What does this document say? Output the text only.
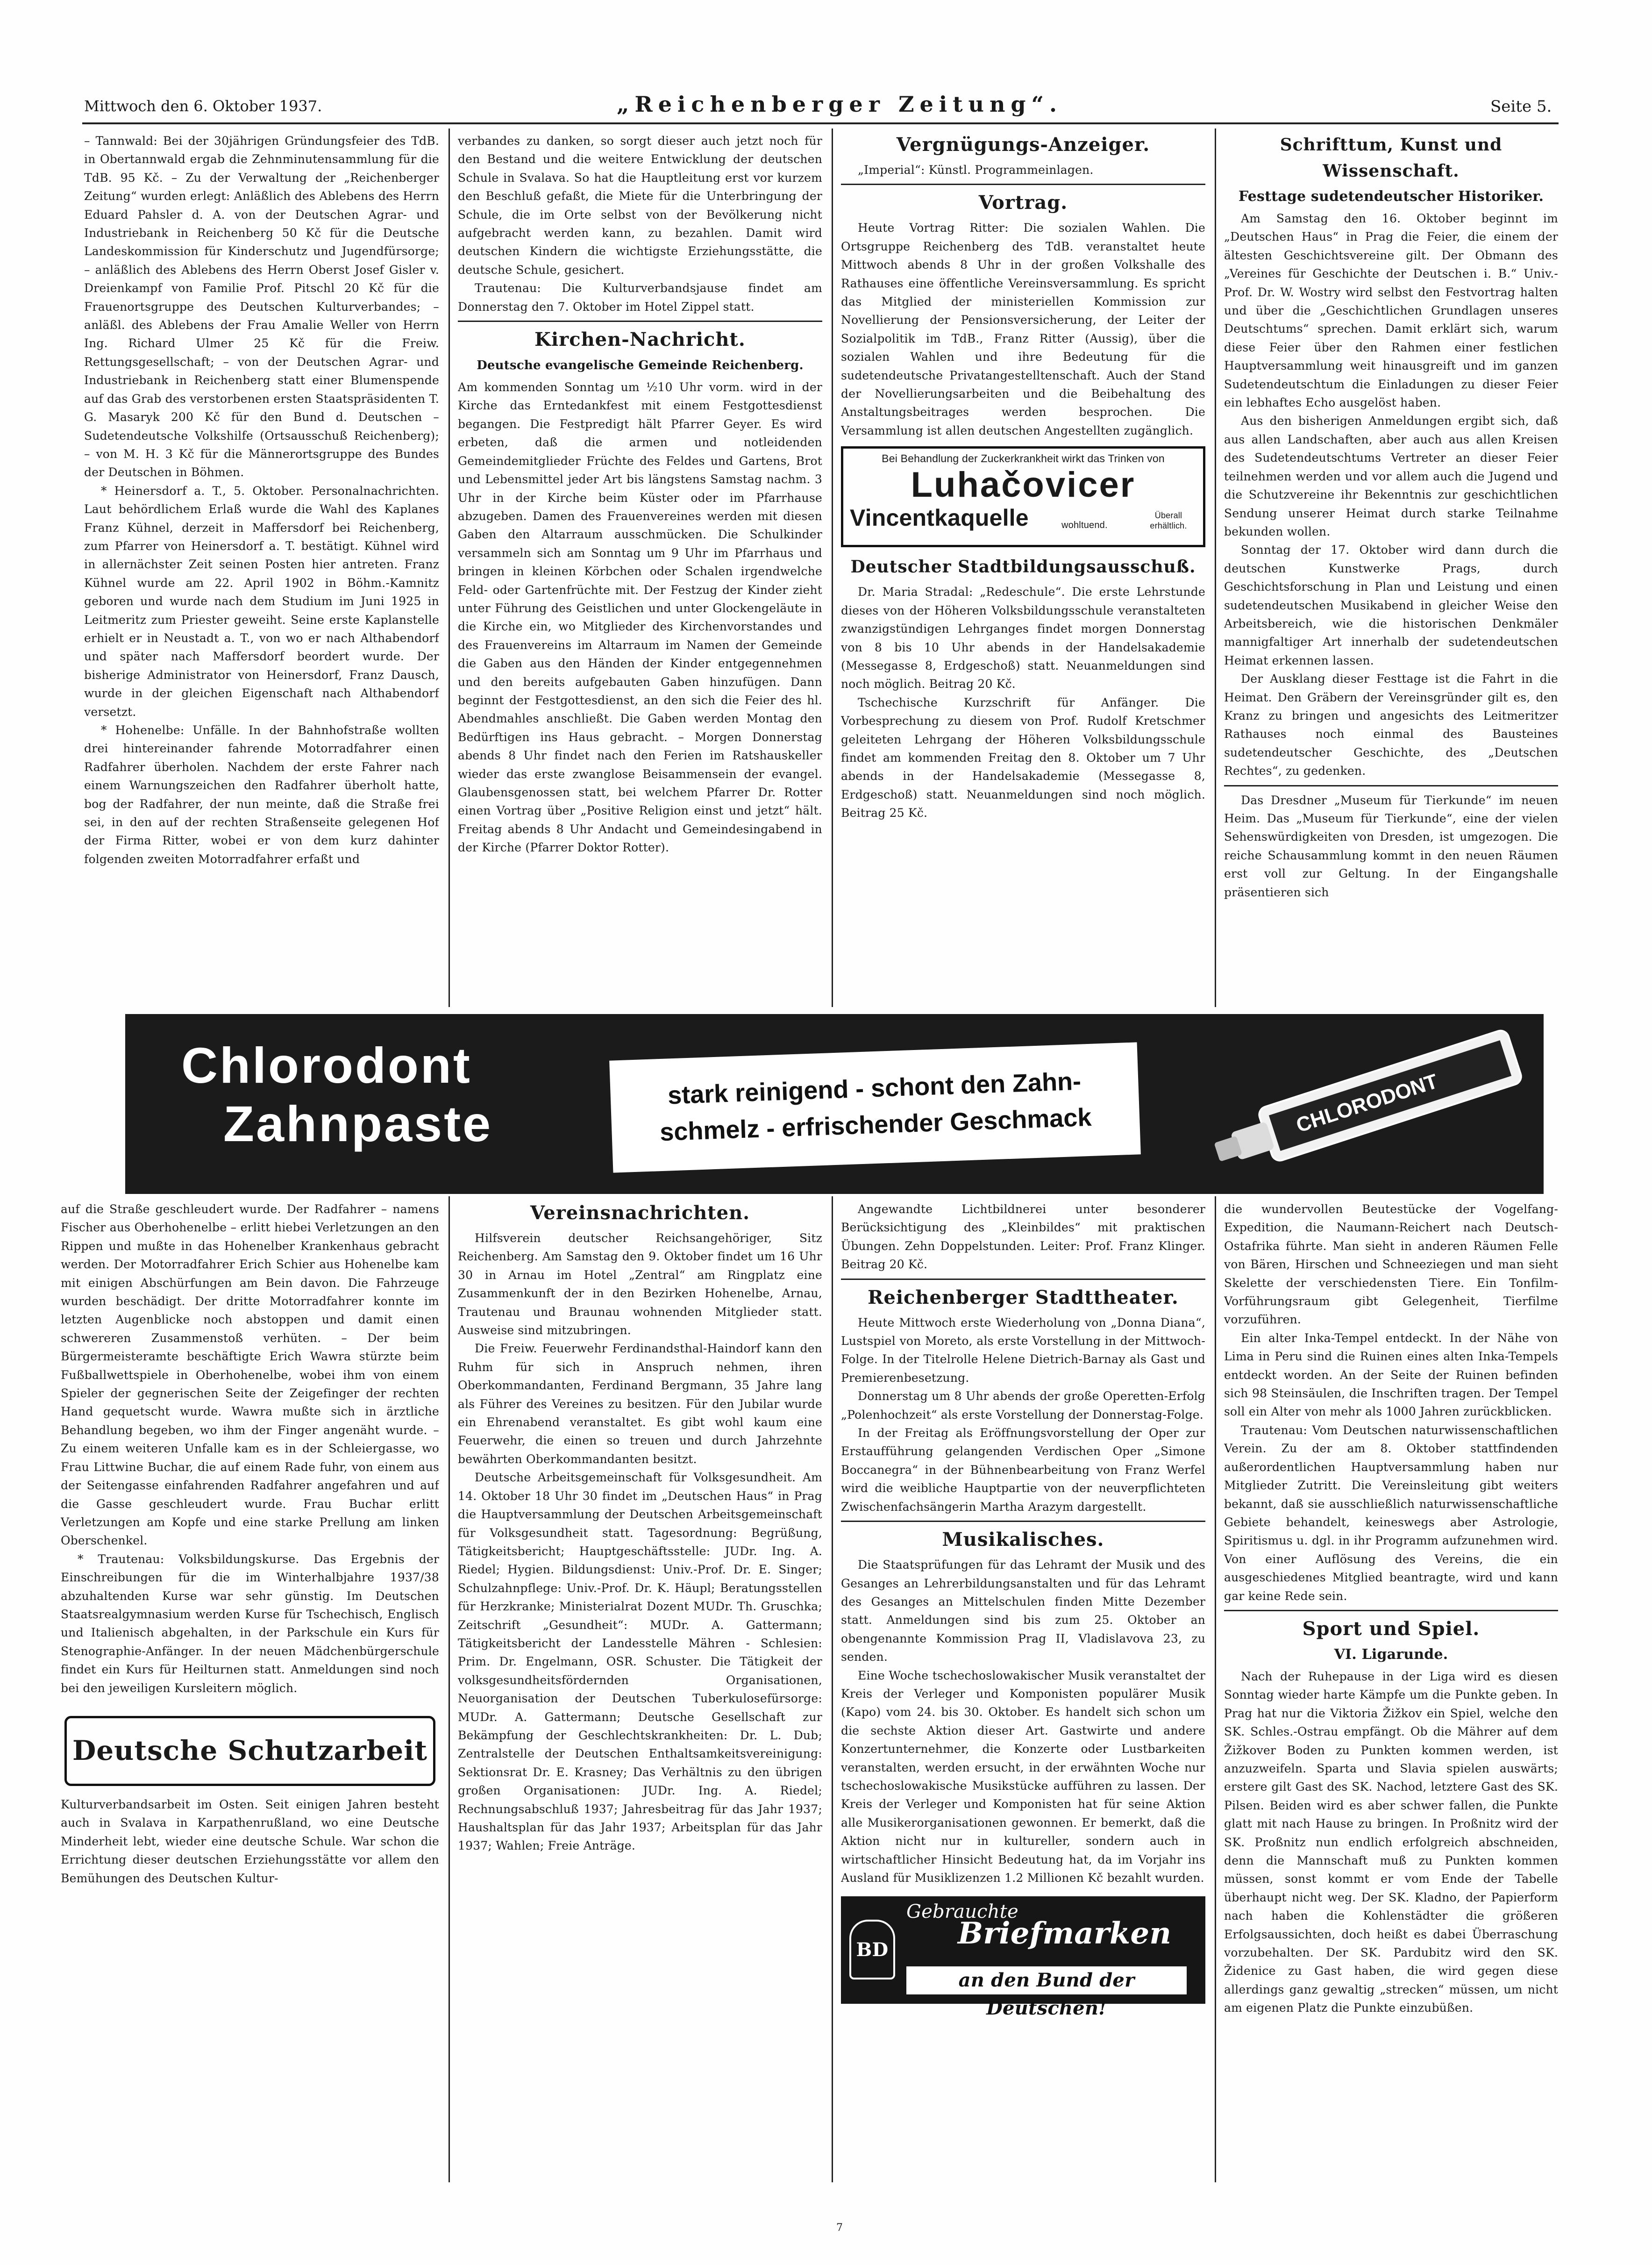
Mittwoch den 6. Oktober 1937.	„Reichenberger Zeitung“.	Seite 5.

– Tannwald: Bei der 30jährigen Gründungsfeier des TdB. in Obertannwald ergab die Zehnminutensammlung für die TdB. 95 Kč. – Zu der Verwaltung der „Reichenberger Zeitung“ wurden erlegt: Anläßlich des Ablebens des Herrn Eduard Pahsler d. A. von der Deutschen Agrar- und Industriebank in Reichenberg 50 Kč für die Deutsche Landeskommission für Kinderschutz und Jugendfürsorge; – anläßlich des Ablebens des Herrn Oberst Josef Gisler v. Dreienkampf von Familie Prof. Pitschl 20 Kč für die Frauenortsgruppe des Deutschen Kulturverbandes; – anläßl. des Ablebens der Frau Amalie Weller von Herrn Ing. Richard Ulmer 25 Kč für die Freiw. Rettungsgesellschaft; – von der Deutschen Agrar- und Industriebank in Reichenberg statt einer Blumenspende auf das Grab des verstorbenen ersten Staatspräsidenten T. G. Masaryk 200 Kč für den Bund d. Deutschen – Sudetendeutsche Volkshilfe (Ortsausschuß Reichenberg); – von M. H. 3 Kč für die Männerortsgruppe des Bundes der Deutschen in Böhmen.

* Heinersdorf a. T., 5. Oktober. Personalnachrichten. Laut behördlichem Erlaß wurde die Wahl des Kaplanes Franz Kühnel, derzeit in Maffersdorf bei Reichenberg, zum Pfarrer von Heinersdorf a. T. bestätigt. Kühnel wird in allernächster Zeit seinen Posten hier antreten. Franz Kühnel wurde am 22. April 1902 in Böhm.-Kamnitz geboren und wurde nach dem Studium im Juni 1925 in Leitmeritz zum Priester geweiht. Seine erste Kaplanstelle erhielt er in Neustadt a. T., von wo er nach Althabendorf und später nach Maffersdorf beordert wurde. Der bisherige Administrator von Heinersdorf, Franz Dausch, wurde in der gleichen Eigenschaft nach Althabendorf versetzt.

* Hohenelbe: Unfälle. In der Bahnhofstraße wollten drei hintereinander fahrende Motorradfahrer einen Radfahrer überholen. Nachdem der erste Fahrer nach einem Warnungszeichen den Radfahrer überholt hatte, bog der Radfahrer, der nun meinte, daß die Straße frei sei, in den auf der rechten Straßenseite gelegenen Hof der Firma Ritter, wobei er von dem kurz dahinter folgenden zweiten Motorradfahrer erfaßt und

verbandes zu danken, so sorgt dieser auch jetzt noch für den Bestand und die weitere Entwicklung der deutschen Schule in Svalava. So hat die Hauptleitung erst vor kurzem den Beschluß gefaßt, die Miete für die Unterbringung der Schule, die im Orte selbst von der Bevölkerung nicht aufgebracht werden kann, zu bezahlen. Damit wird deutschen Kindern die wichtigste Erziehungsstätte, die deutsche Schule, gesichert.

Trautenau: Die Kulturverbandsjause findet am Donnerstag den 7. Oktober im Hotel Zippel statt.

Kirchen-Nachricht.
Deutsche evangelische Gemeinde Reichenberg.

Am kommenden Sonntag um ½10 Uhr vorm. wird in der Kirche das Erntedankfest mit einem Festgottesdienst begangen. Die Festpredigt hält Pfarrer Geyer. Es wird erbeten, daß die armen und notleidenden Gemeindemitglieder Früchte des Feldes und Gartens, Brot und Lebensmittel jeder Art bis längstens Samstag nachm. 3 Uhr in der Kirche beim Küster oder im Pfarrhause abzugeben. Damen des Frauenvereines werden mit diesen Gaben den Altarraum ausschmücken. Die Schulkinder versammeln sich am Sonntag um 9 Uhr im Pfarrhaus und bringen in kleinen Körbchen oder Schalen irgendwelche Feld- oder Gartenfrüchte mit. Der Festzug der Kinder zieht unter Führung des Geistlichen und unter Glockengeläute in die Kirche ein, wo Mitglieder des Kirchenvorstandes und des Frauenvereins im Altarraum im Namen der Gemeinde die Gaben aus den Händen der Kinder entgegennehmen und den bereits aufgebauten Gaben hinzufügen. Dann beginnt der Festgottesdienst, an den sich die Feier des hl. Abendmahles anschließt. Die Gaben werden Montag den Bedürftigen ins Haus gebracht. – Morgen Donnerstag abends 8 Uhr findet nach den Ferien im Ratshauskeller wieder das erste zwanglose Beisammensein der evangel. Glaubensgenossen statt, bei welchem Pfarrer Dr. Rotter einen Vortrag über „Positive Religion einst und jetzt“ hält. Freitag abends 8 Uhr Andacht und Gemeindesingabend in der Kirche (Pfarrer Doktor Rotter).

Vergnügungs-Anzeiger.

„Imperial“: Künstl. Programmeinlagen.

Vortrag.

Heute Vortrag Ritter: Die sozialen Wahlen. Die Ortsgruppe Reichenberg des TdB. veranstaltet heute Mittwoch abends 8 Uhr in der großen Volkshalle des Rathauses eine öffentliche Vereinsversammlung. Es spricht das Mitglied der ministeriellen Kommission zur Novellierung der Pensionsversicherung, der Leiter der Sozialpolitik im TdB., Franz Ritter (Aussig), über die sozialen Wahlen und ihre Bedeutung für die sudetendeutsche Privatangestelltenschaft. Auch der Stand der Novellierungsarbeiten und die Beibehaltung des Anstaltungsbeitrages werden besprochen. Die Versammlung ist allen deutschen Angestellten zugänglich.

Bei Behandlung der Zuckerkrankheit wirkt das Trinken von
Luhačovicer
Vincentkaquelle	wohltuend.
Überall erhältlich.
Deutscher Stadtbildungsausschuß.

Dr. Maria Stradal: „Redeschule“. Die erste Lehrstunde dieses von der Höheren Volksbildungsschule veranstalteten zwanzigstündigen Lehrganges findet morgen Donnerstag von 8 bis 10 Uhr abends in der Handelsakademie (Messegasse 8, Erdgeschoß) statt. Neuanmeldungen sind noch möglich. Beitrag 20 Kč.

Tschechische Kurzschrift für Anfänger. Die Vorbesprechung zu diesem von Prof. Rudolf Kretschmer geleiteten Lehrgang der Höheren Volksbildungsschule findet am kommenden Freitag den 8. Oktober um 7 Uhr abends in der Handelsakademie (Messegasse 8, Erdgeschoß) statt. Neuanmeldungen sind noch möglich. Beitrag 25 Kč.

Schrifttum, Kunst und Wissenschaft.
Festtage sudetendeutscher Historiker.

Am Samstag den 16. Oktober beginnt im „Deutschen Haus“ in Prag die Feier, die einem der ältesten Geschichtsvereine gilt. Der Obmann des „Vereines für Geschichte der Deutschen i. B.“ Univ.-Prof. Dr. W. Wostry wird selbst den Festvortrag halten und über die „Geschichtlichen Grundlagen unseres Deutschtums“ sprechen. Damit erklärt sich, warum diese Feier über den Rahmen einer festlichen Hauptversammlung weit hinausgreift und im ganzen Sudetendeutschtum die Einladungen zu dieser Feier ein lebhaftes Echo ausgelöst haben.

Aus den bisherigen Anmeldungen ergibt sich, daß aus allen Landschaften, aber auch aus allen Kreisen des Sudetendeutschtums Vertreter an dieser Feier teilnehmen werden und vor allem auch die Jugend und die Schutzvereine ihr Bekenntnis zur geschichtlichen Sendung unserer Heimat durch starke Teilnahme bekunden wollen.

Sonntag der 17. Oktober wird dann durch die deutschen Kunstwerke Prags, durch Geschichtsforschung in Plan und Leistung und einen sudetendeutschen Musikabend in gleicher Weise den Arbeitsbereich, wie die historischen Denkmäler mannigfaltiger Art innerhalb der sudetendeutschen Heimat erkennen lassen.

Der Ausklang dieser Festtage ist die Fahrt in die Heimat. Den Gräbern der Vereinsgründer gilt es, den Kranz zu bringen und angesichts des Leitmeritzer Rathauses noch einmal des Bausteines sudetendeutscher Geschichte, des „Deutschen Rechtes“, zu gedenken.

Das Dresdner „Museum für Tierkunde“ im neuen Heim. Das „Museum für Tierkunde“, eine der vielen Sehenswürdigkeiten von Dresden, ist umgezogen. Die reiche Schausammlung kommt in den neuen Räumen erst voll zur Geltung. In der Eingangshalle präsentieren sich

Chlorodont
Zahnpaste
stark reinigend - schont den Zahn-
schmelz - erfrischender Geschmack	CHLORODONT

auf die Straße geschleudert wurde. Der Radfahrer – namens Fischer aus Oberhohenelbe – erlitt hiebei Verletzungen an den Rippen und mußte in das Hohenelber Krankenhaus gebracht werden. Der Motorradfahrer Erich Schier aus Hohenelbe kam mit einigen Abschürfungen am Bein davon. Die Fahrzeuge wurden beschädigt. Der dritte Motorradfahrer konnte im letzten Augenblicke noch abstoppen und damit einen schwereren Zusammenstoß verhüten. – Der beim Bürgermeisteramte beschäftigte Erich Wawra stürzte beim Fußballwettspiele in Oberhohenelbe, wobei ihm von einem Spieler der gegnerischen Seite der Zeigefinger der rechten Hand gequetscht wurde. Wawra mußte sich in ärztliche Behandlung begeben, wo ihm der Finger angenäht wurde. – Zu einem weiteren Unfalle kam es in der Schleiergasse, wo Frau Littwine Buchar, die auf einem Rade fuhr, von einem aus der Seitengasse einfahrenden Radfahrer angefahren und auf die Gasse geschleudert wurde. Frau Buchar erlitt Verletzungen am Kopfe und eine starke Prellung am linken Oberschenkel.

* Trautenau: Volksbildungskurse. Das Ergebnis der Einschreibungen für die im Winterhalbjahre 1937/38 abzuhaltenden Kurse war sehr günstig. Im Deutschen Staatsrealgymnasium werden Kurse für Tschechisch, Englisch und Italienisch abgehalten, in der Parkschule ein Kurs für Stenographie-Anfänger. In der neuen Mädchenbürgerschule findet ein Kurs für Heilturnen statt. Anmeldungen sind noch bei den jeweiligen Kursleitern möglich.

Deutsche Schutzarbeit

Kulturverbandsarbeit im Osten. Seit einigen Jahren besteht auch in Svalava in Karpathenrußland, wo eine Deutsche Minderheit lebt, wieder eine deutsche Schule. War schon die Errichtung dieser deutschen Erziehungsstätte vor allem den Bemühungen des Deutschen Kultur-

Vereinsnachrichten.

Hilfsverein deutscher Reichsangehöriger, Sitz Reichenberg. Am Samstag den 9. Oktober findet um 16 Uhr 30 in Arnau im Hotel „Zentral“ am Ringplatz eine Zusammenkunft der in den Bezirken Hohenelbe, Arnau, Trautenau und Braunau wohnenden Mitglieder statt. Ausweise sind mitzubringen.

Die Freiw. Feuerwehr Ferdinandsthal-Haindorf kann den Ruhm für sich in Anspruch nehmen, ihren Oberkommandanten, Ferdinand Bergmann, 35 Jahre lang als Führer des Vereines zu besitzen. Für den Jubilar wurde ein Ehrenabend veranstaltet. Es gibt wohl kaum eine Feuerwehr, die einen so treuen und durch Jahrzehnte bewährten Oberkommandanten besitzt.

Deutsche Arbeitsgemeinschaft für Volksgesundheit. Am 14. Oktober 18 Uhr 30 findet im „Deutschen Haus“ in Prag die Hauptversammlung der Deutschen Arbeitsgemeinschaft für Volksgesundheit statt. Tagesordnung: Begrüßung, Tätigkeitsbericht; Hauptgeschäftsstelle: JUDr. Ing. A. Riedel; Hygien. Bildungsdienst: Univ.-Prof. Dr. E. Singer; Schulzahnpflege: Univ.-Prof. Dr. K. Häupl; Beratungsstellen für Herzkranke; Ministerialrat Dozent MUDr. Th. Gruschka; Zeitschrift „Gesundheit“: MUDr. A. Gattermann; Tätigkeitsbericht der Landesstelle Mähren - Schlesien: Prim. Dr. Engelmann, OSR. Schuster. Die Tätigkeit der volksgesundheitsfördernden Organisationen, Neuorganisation der Deutschen Tuberkulosefürsorge: MUDr. A. Gattermann; Deutsche Gesellschaft zur Bekämpfung der Geschlechtskrankheiten: Dr. L. Dub; Zentralstelle der Deutschen Enthaltsamkeitsvereinigung: Sektionsrat Dr. E. Krasney; Das Verhältnis zu den übrigen großen Organisationen: JUDr. Ing. A. Riedel; Rechnungsabschluß 1937; Jahresbeitrag für das Jahr 1937; Haushaltsplan für das Jahr 1937; Arbeitsplan für das Jahr 1937; Wahlen; Freie Anträge.

Angewandte Lichtbildnerei unter besonderer Berücksichtigung des „Kleinbildes“ mit praktischen Übungen. Zehn Doppelstunden. Leiter: Prof. Franz Klinger. Beitrag 20 Kč.

Reichenberger Stadttheater.

Heute Mittwoch erste Wiederholung von „Donna Diana“, Lustspiel von Moreto, als erste Vorstellung in der Mittwoch-Folge. In der Titelrolle Helene Dietrich-Barnay als Gast und Premierenbesetzung.

Donnerstag um 8 Uhr abends der große Operetten-Erfolg „Polenhochzeit“ als erste Vorstellung der Donnerstag-Folge.

In der Freitag als Eröffnungsvorstellung der Oper zur Erstaufführung gelangenden Verdischen Oper „Simone Boccanegra“ in der Bühnenbearbeitung von Franz Werfel wird die weibliche Hauptpartie von der neuverpflichteten Zwischenfachsängerin Martha Arazym dargestellt.

Musikalisches.

Die Staatsprüfungen für das Lehramt der Musik und des Gesanges an Lehrerbildungsanstalten und für das Lehramt des Gesanges an Mittelschulen finden Mitte Dezember statt. Anmeldungen sind bis zum 25. Oktober an obengenannte Kommission Prag II, Vladislavova 23, zu senden.

Eine Woche tschechoslowakischer Musik veranstaltet der Kreis der Verleger und Komponisten populärer Musik (Kapo) vom 24. bis 30. Oktober. Es handelt sich schon um die sechste Aktion dieser Art. Gastwirte und andere Konzertunternehmer, die Konzerte oder Lustbarkeiten veranstalten, werden ersucht, in der erwähnten Woche nur tschechoslowakische Musikstücke aufführen zu lassen. Der Kreis der Verleger und Komponisten hat für seine Aktion alle Musikerorganisationen gewonnen. Er bemerkt, daß die Aktion nicht nur in kultureller, sondern auch in wirtschaftlicher Hinsicht Bedeutung hat, da im Vorjahr ins Ausland für Musiklizenzen 1.2 Millionen Kč bezahlt wurden.

BD
Gebrauchte
Briefmarken
an den Bund der Deutschen!

die wundervollen Beutestücke der Vogelfang-Expedition, die Naumann-Reichert nach Deutsch-Ostafrika führte. Man sieht in anderen Räumen Felle von Bären, Hirschen und Schneeziegen und man sieht Skelette der verschiedensten Tiere. Ein Tonfilm-Vorführungsraum gibt Gelegenheit, Tierfilme vorzuführen.

Ein alter Inka-Tempel entdeckt. In der Nähe von Lima in Peru sind die Ruinen eines alten Inka-Tempels entdeckt worden. An der Seite der Ruinen befinden sich 98 Steinsäulen, die Inschriften tragen. Der Tempel soll ein Alter von mehr als 1000 Jahren zurückblicken.

Trautenau: Vom Deutschen naturwissenschaftlichen Verein. Zu der am 8. Oktober stattfindenden außerordentlichen Hauptversammlung haben nur Mitglieder Zutritt. Die Vereinsleitung gibt weiters bekannt, daß sie ausschließlich naturwissenschaftliche Gebiete behandelt, keineswegs aber Astrologie, Spiritismus u. dgl. in ihr Programm aufzunehmen wird. Von einer Auflösung des Vereins, die ein ausgeschiedenes Mitglied beantragte, wird und kann gar keine Rede sein.

Sport und Spiel.
VI. Ligarunde.

Nach der Ruhepause in der Liga wird es diesen Sonntag wieder harte Kämpfe um die Punkte geben. In Prag hat nur die Viktoria Žižkov ein Spiel, welche den SK. Schles.-Ostrau empfängt. Ob die Mährer auf dem Žižkover Boden zu Punkten kommen werden, ist anzuzweifeln. Sparta und Slavia spielen auswärts; erstere gilt Gast des SK. Nachod, letztere Gast des SK. Pilsen. Beiden wird es aber schwer fallen, die Punkte glatt mit nach Hause zu bringen. In Proßnitz wird der SK. Proßnitz nun endlich erfolgreich abschneiden, denn die Mannschaft muß zu Punkten kommen müssen, sonst kommt er vom Ende der Tabelle überhaupt nicht weg. Der SK. Kladno, der Papierform nach haben die Kohlenstädter die größeren Erfolgsaussichten, doch heißt es dabei Überraschung vorzubehalten. Der SK. Pardubitz wird den SK. Židenice zu Gast haben, die wird gegen diese allerdings ganz gewaltig „strecken“ müssen, um nicht am eigenen Platz die Punkte einzubüßen.

7
